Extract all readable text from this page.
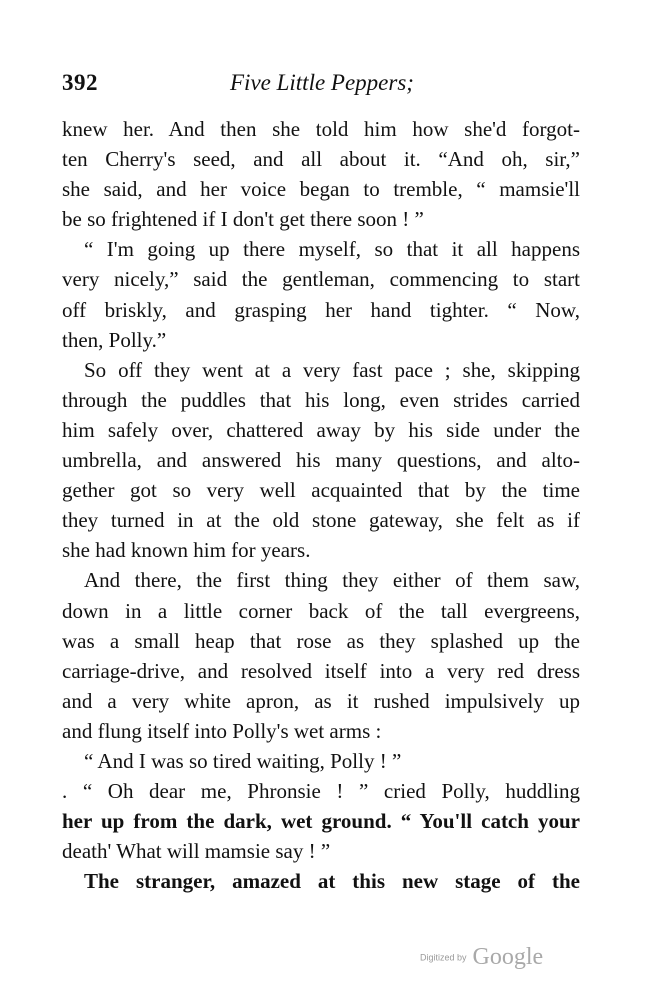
392	Five Little Peppers;
knew her. And then she told him how she'd forgot-
ten Cherry's seed, and all about it. “And oh, sir,”
she said, and her voice began to tremble, “ mamsie'll
be so frightened if I don't get there soon ! ”
“ I'm going up there myself, so that it all happens
very nicely,” said the gentleman, commencing to start
off briskly, and grasping her hand tighter. “ Now,
then, Polly.”
So off they went at a very fast pace ; she, skipping
through the puddles that his long, even strides carried
him safely over, chattered away by his side under the
umbrella, and answered his many questions, and alto-
gether got so very well acquainted that by the time
they turned in at the old stone gateway, she felt as if
she had known him for years.
And there, the first thing they either of them saw,
down in a little corner back of the tall evergreens,
was a small heap that rose as they splashed up the
carriage-drive, and resolved itself into a very red dress
and a very white apron, as it rushed impulsively up
and flung itself into Polly's wet arms :
“ And I was so tired waiting, Polly ! ”
. “ Oh dear me, Phronsie ! ” cried Polly, huddling
her up from the dark, wet ground. “ You'll catch your
death' What will mamsie say ! ”
The stranger, amazed at this new stage of the
Digitized by Google
